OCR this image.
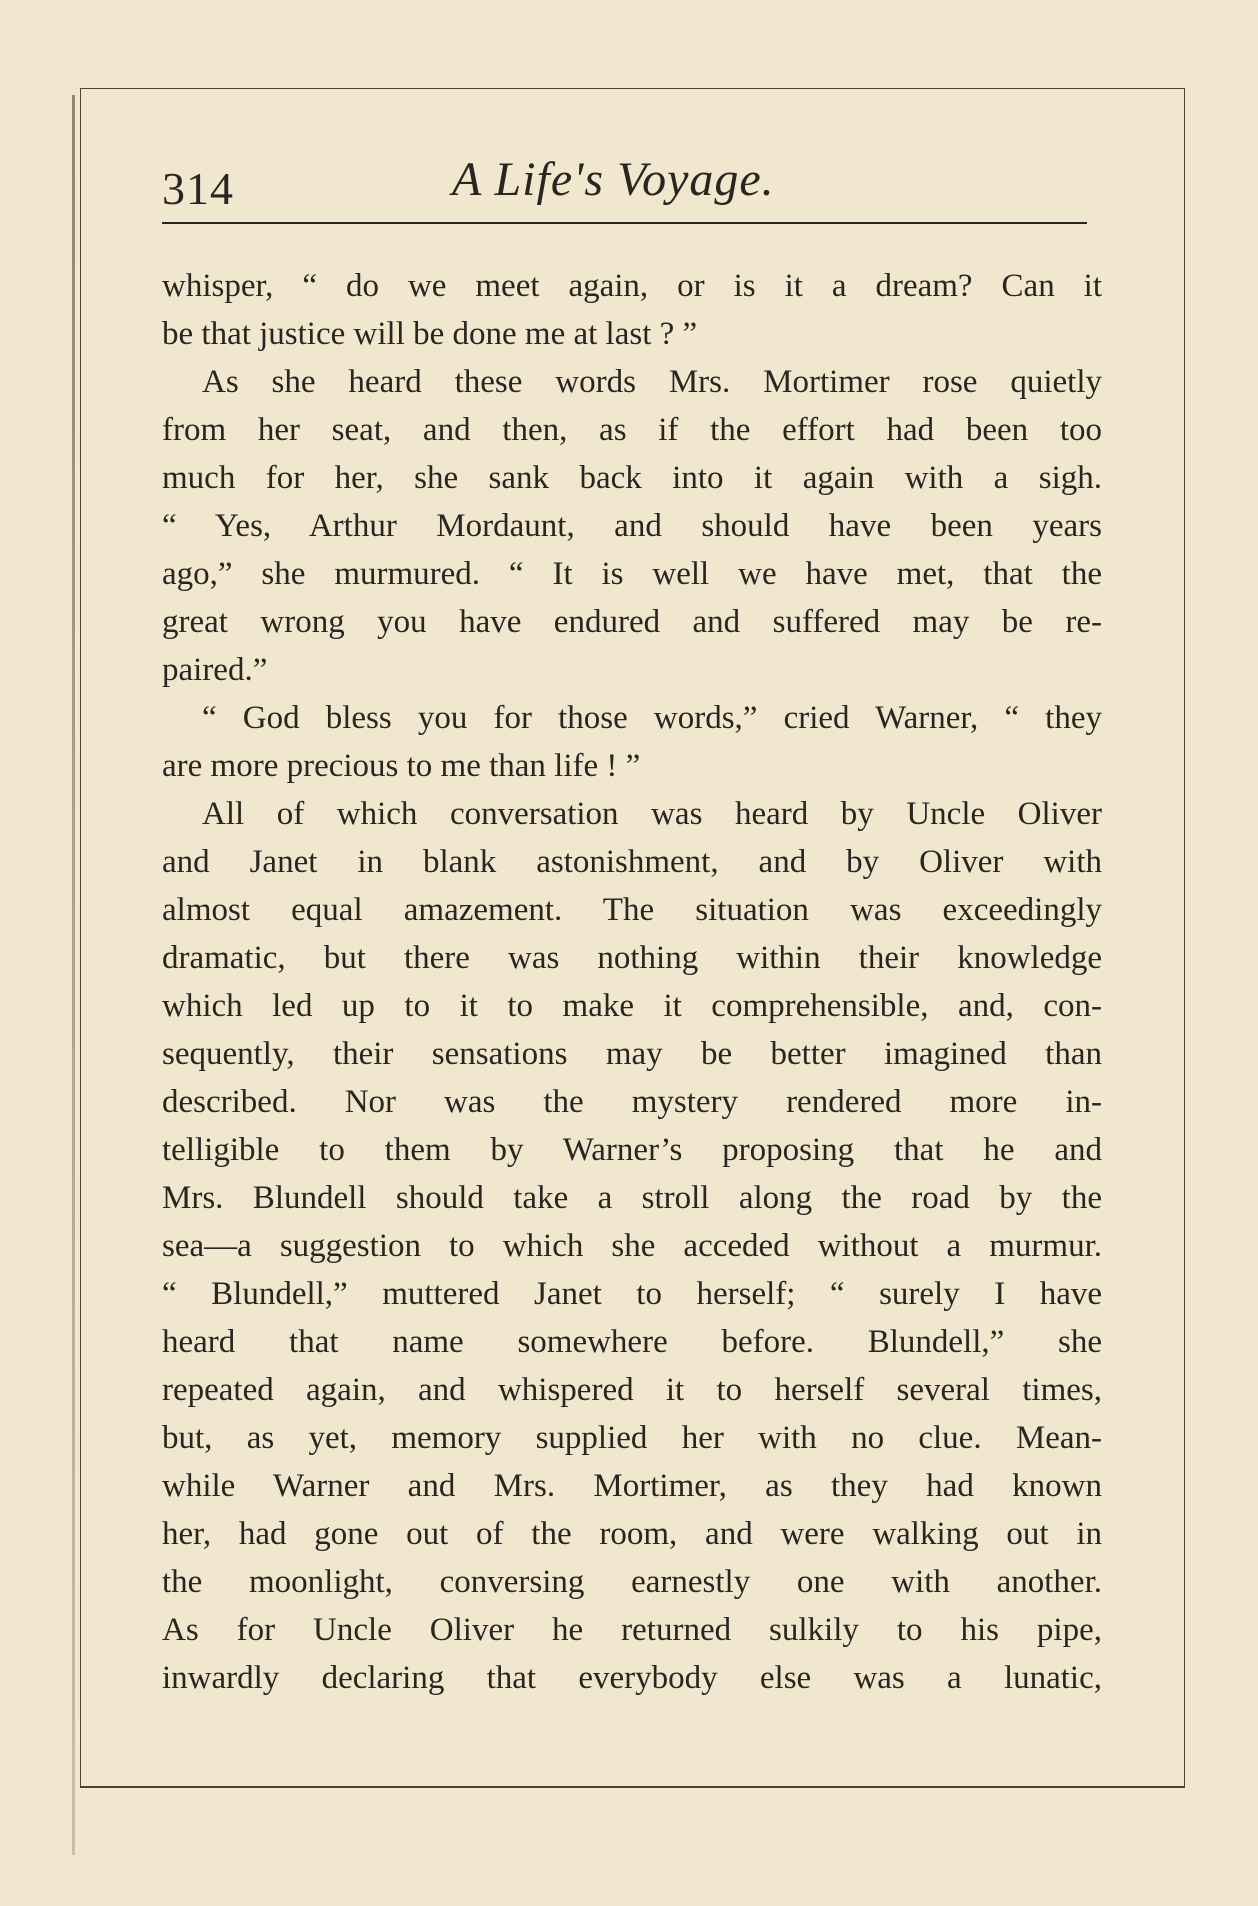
314	A Life's Voyage.
whisper, “ do we meet again, or is it a dream? Can it
be that justice will be done me at last ? ”
As she heard these words Mrs. Mortimer rose quietly
from her seat, and then, as if the effort had been too
much for her, she sank back into it again with a sigh.
“ Yes, Arthur Mordaunt, and should have been years
ago,” she murmured. “ It is well we have met, that the
great wrong you have endured and suffered may be re-
paired.”
“ God bless you for those words,” cried Warner, “ they
are more precious to me than life ! ”
All of which conversation was heard by Uncle Oliver
and Janet in blank astonishment, and by Oliver with
almost equal amazement. The situation was exceedingly
dramatic, but there was nothing within their knowledge
which led up to it to make it comprehensible, and, con-
sequently, their sensations may be better imagined than
described. Nor was the mystery rendered more in-
telligible to them by Warner’s proposing that he and
Mrs. Blundell should take a stroll along the road by the
sea—a suggestion to which she acceded without a murmur.
“ Blundell,” muttered Janet to herself; “ surely I have
heard that name somewhere before. Blundell,” she
repeated again, and whispered it to herself several times,
but, as yet, memory supplied her with no clue. Mean-
while Warner and Mrs. Mortimer, as they had known
her, had gone out of the room, and were walking out in
the moonlight, conversing earnestly one with another.
As for Uncle Oliver he returned sulkily to his pipe,
inwardly declaring that everybody else was a lunatic,
